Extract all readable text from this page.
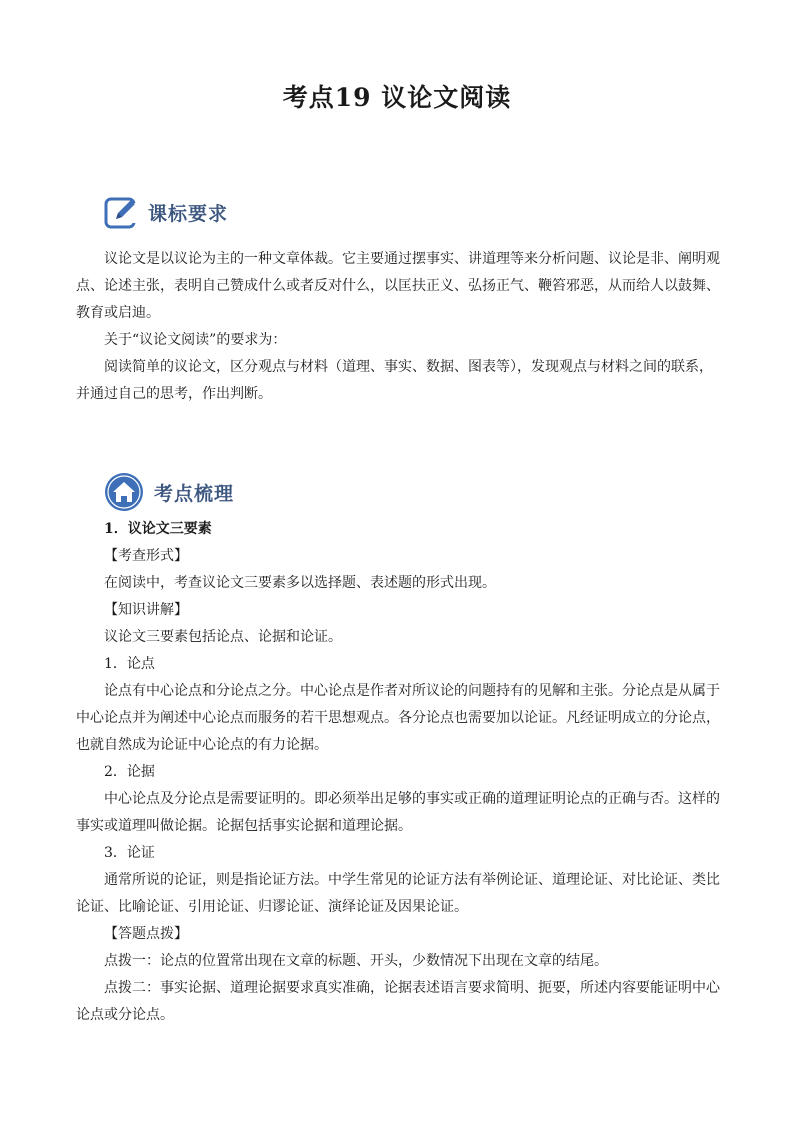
考点19 议论文阅读
课标要求
议论文是以议论为主的一种文章体裁。它主要通过摆事实、讲道理等来分析问题、议论是非、阐明观
点、论述主张，表明自己赞成什么或者反对什么，以匡扶正义、弘扬正气、鞭笞邪恶，从而给人以鼓舞、
教育或启迪。
关于“议论文阅读”的要求为：
阅读简单的议论文，区分观点与材料（道理、事实、数据、图表等），发现观点与材料之间的联系，
并通过自己的思考，作出判断。
考点梳理
1．议论文三要素
【考查形式】
在阅读中，考查议论文三要素多以选择题、表述题的形式出现。
【知识讲解】
议论文三要素包括论点、论据和论证。
1．论点
论点有中心论点和分论点之分。中心论点是作者对所议论的问题持有的见解和主张。分论点是从属于
中心论点并为阐述中心论点而服务的若干思想观点。各分论点也需要加以论证。凡经证明成立的分论点，
也就自然成为论证中心论点的有力论据。
2．论据
中心论点及分论点是需要证明的。即必须举出足够的事实或正确的道理证明论点的正确与否。这样的
事实或道理叫做论据。论据包括事实论据和道理论据。
3．论证
通常所说的论证，则是指论证方法。中学生常见的论证方法有举例论证、道理论证、对比论证、类比
论证、比喻论证、引用论证、归谬论证、演绎论证及因果论证。
【答题点拨】
点拨一：论点的位置常出现在文章的标题、开头，少数情况下出现在文章的结尾。
点拨二：事实论据、道理论据要求真实准确，论据表述语言要求简明、扼要，所述内容要能证明中心
论点或分论点。
